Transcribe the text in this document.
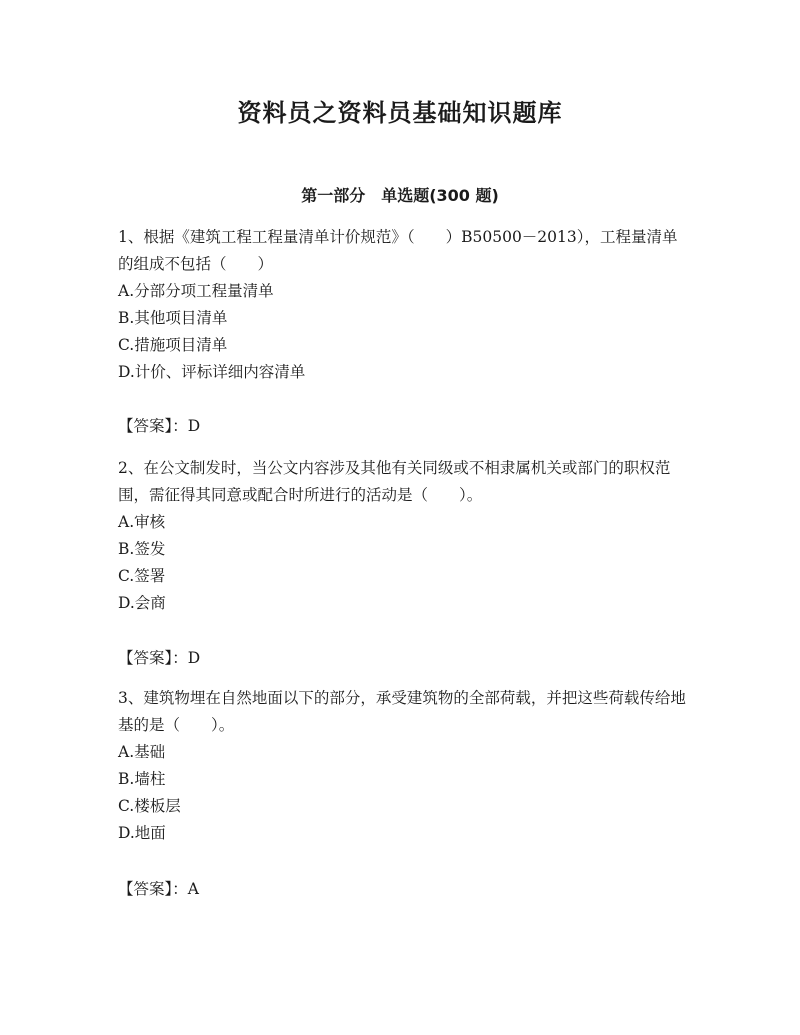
资料员之资料员基础知识题库
第一部分 单选题(300 题)

1、根据《建筑工程工程量清单计价规范》（　　）B50500－2013），工程量清单的组成不包括（　　）

A.分部分项工程量清单

B.其他项目清单

C.措施项目清单

D.计价、评标详细内容清单

【答案】：D

2、在公文制发时，当公文内容涉及其他有关同级或不相隶属机关或部门的职权范围，需征得其同意或配合时所进行的活动是（　　）。

A.审核

B.签发

C.签署

D.会商

【答案】：D

3、建筑物埋在自然地面以下的部分，承受建筑物的全部荷载，并把这些荷载传给地基的是（　　）。

A.基础

B.墙柱

C.楼板层

D.地面

【答案】：A
